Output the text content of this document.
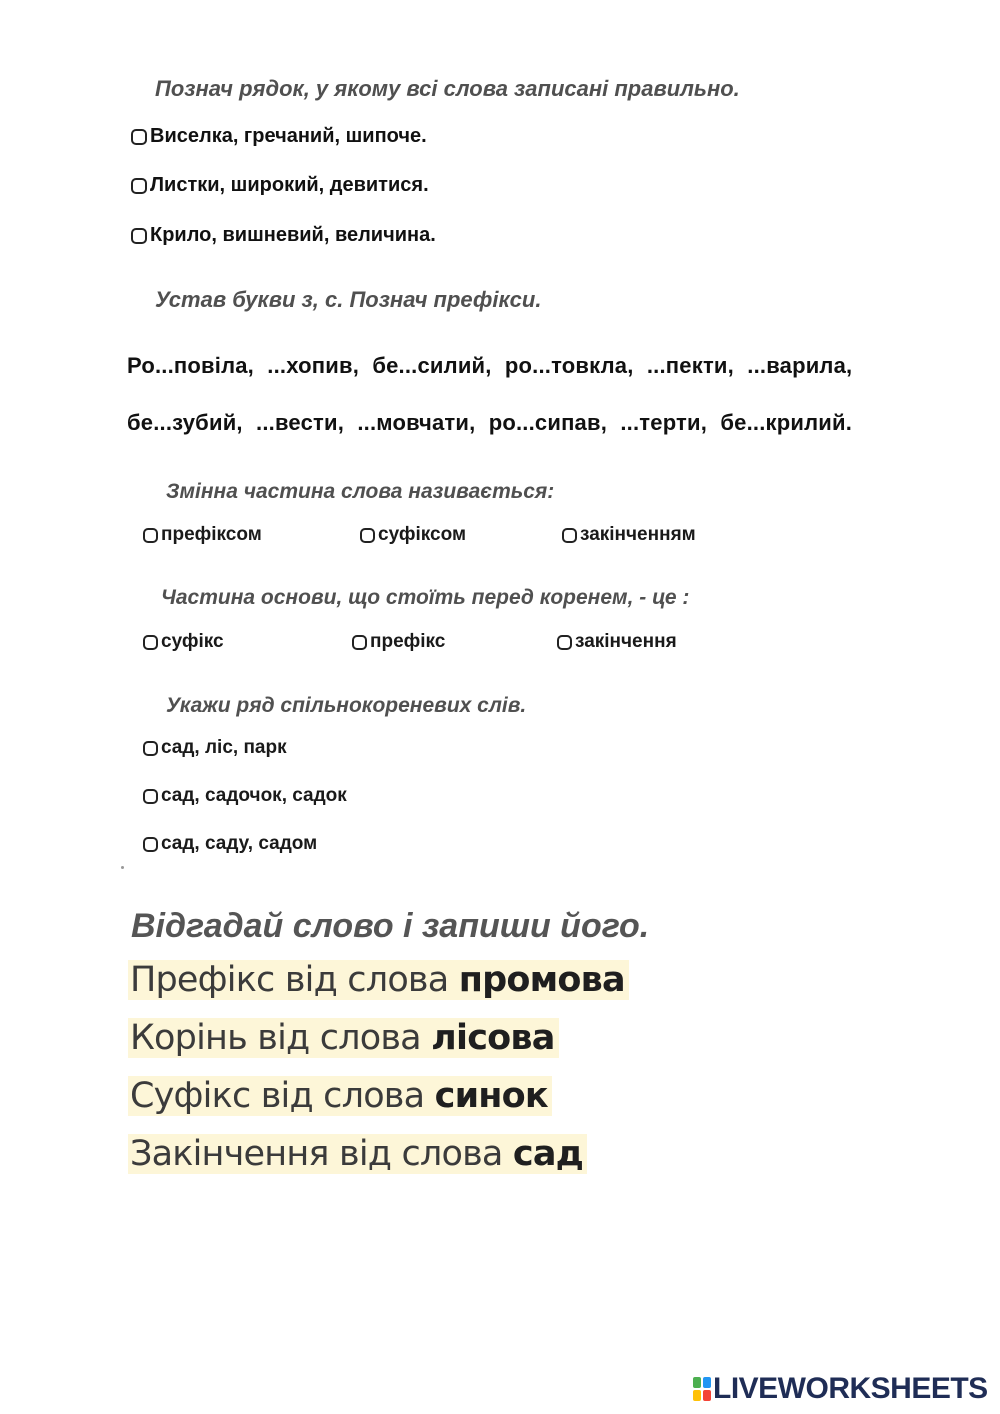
Познач рядок, у якому всі слова записані правильно.
Виселка, гречаний, шипоче.
Листки, широкий, девитися.
Крило, вишневий, величина.
Устав букви з, с. Познач префікси.
Ро...повіла, ...хопив, бе...силий, ро...товкла, ...пекти, ...варила,
бе...зубий, ...вести, ...мовчати, ро...сипав, ...терти, бе...крилий.
Змінна частина слова називається:
префіксом	суфіксом	закінченням
Частина основи, що стоїть перед коренем, - це :
суфікс	префікс	закінчення
Укажи ряд спільнокореневих слів.
сад, ліс, парк
сад, садочок, садок
сад, саду, садом
Відгадай слово і запиши його.
Префікс від слова промова
Корінь від слова лісова
Суфікс від слова синок
Закінчення від слова сад
LIVEWORKSHEETS
